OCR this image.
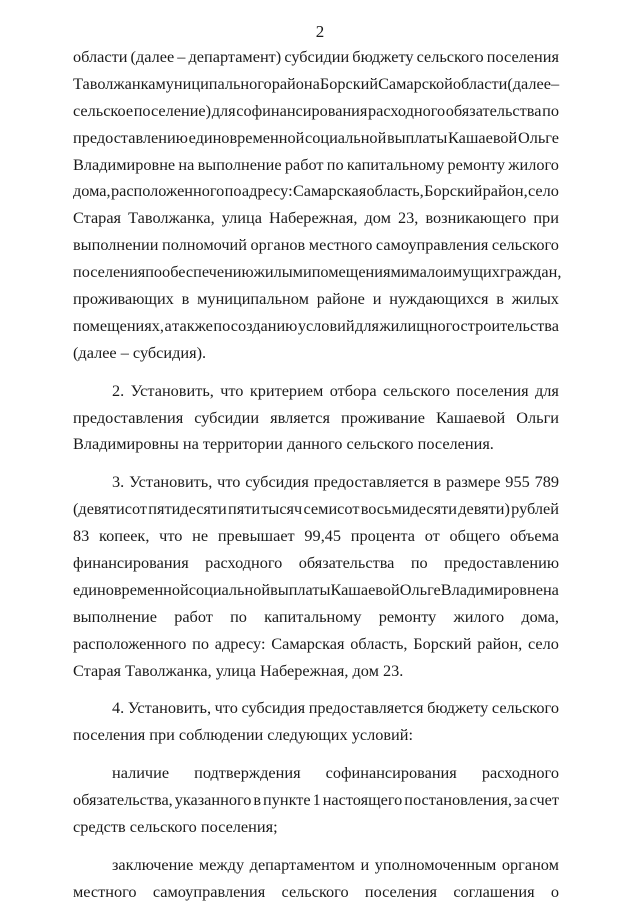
2
области (далее – департамент) субсидии бюджету сельского поселения
Таволжанка муниципального района Борский Самарской области (далее –
сельское поселение) для софинансирования расходного обязательства по
предоставлению единовременной социальной выплаты Кашаевой Ольге
Владимировне на выполнение работ по капитальному ремонту жилого
дома, расположенного по адресу: Самарская область, Борский район, село
Старая Таволжанка, улица Набережная, дом 23, возникающего при
выполнении полномочий органов местного самоуправления сельского
поселения по обеспечению жилыми помещениями малоимущих граждан,
проживающих в муниципальном районе и нуждающихся в жилых
помещениях, а также по созданию условий для жилищного строительства
(далее – субсидия).
2. Установить, что критерием отбора сельского поселения для
предоставления субсидии является проживание Кашаевой Ольги
Владимировны на территории данного сельского поселения.
3. Установить, что субсидия предоставляется в размере 955 789
(девятисот пятидесяти пяти тысяч семисот восьмидесяти девяти) рублей
83 копеек, что не превышает 99,45 процента от общего объема
финансирования расходного обязательства по предоставлению
единовременной социальной выплаты Кашаевой Ольге Владимировне на
выполнение работ по капитальному ремонту жилого дома,
расположенного по адресу: Самарская область, Борский район, село
Старая Таволжанка, улица Набережная, дом 23.
4. Установить, что субсидия предоставляется бюджету сельского
поселения при соблюдении следующих условий:
наличие подтверждения софинансирования расходного
обязательства, указанного в пункте 1 настоящего постановления, за счет
средств сельского поселения;
заключение между департаментом и уполномоченным органом
местного самоуправления сельского поселения соглашения о
